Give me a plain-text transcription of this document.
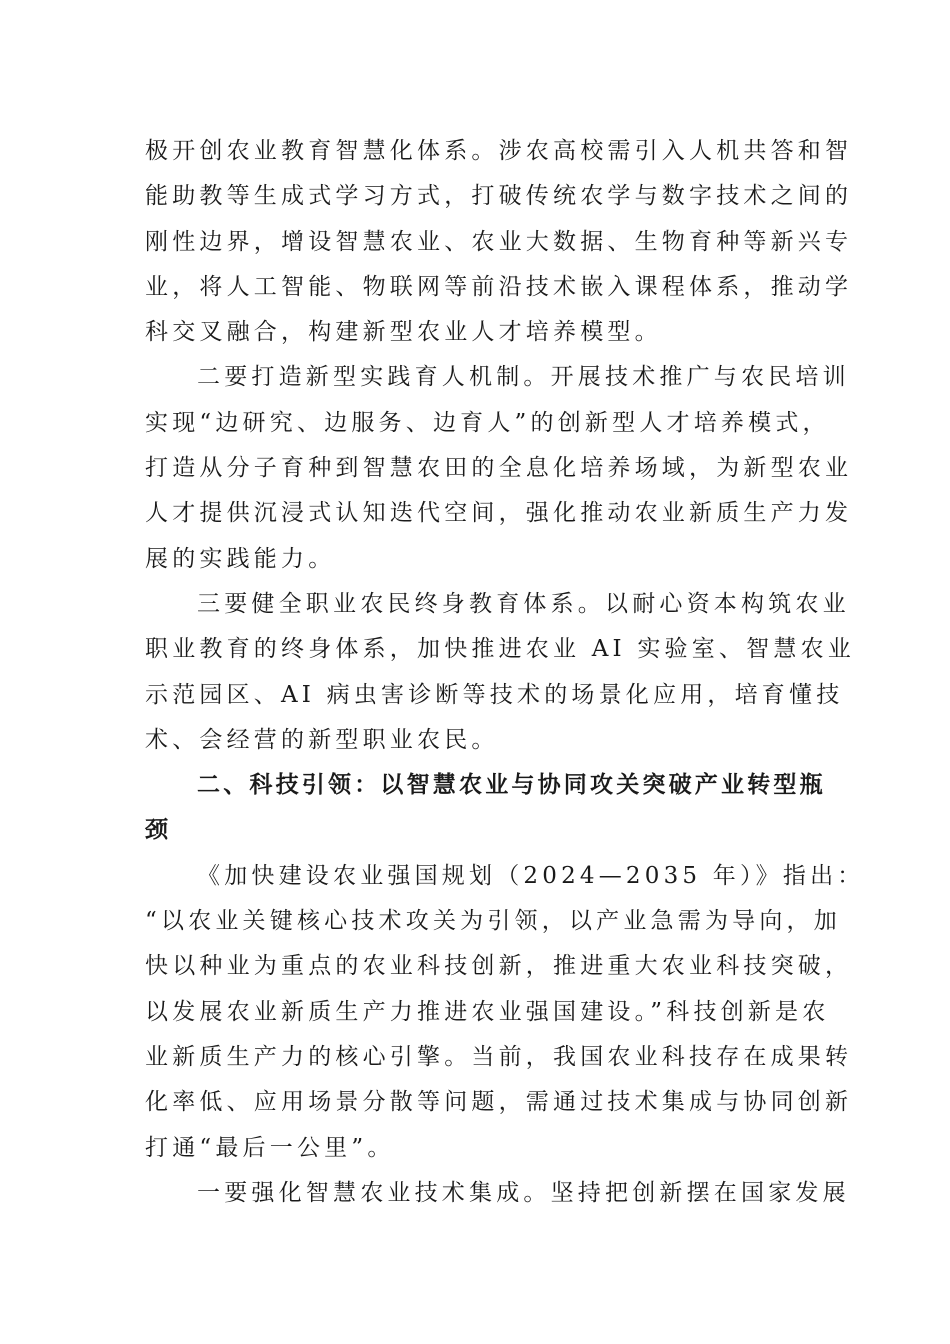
极开创农业教育智慧化体系。涉农高校需引入人机共答和智
能助教等生成式学习方式，打破传统农学与数字技术之间的
刚性边界，增设智慧农业、农业大数据、生物育种等新兴专
业，将人工智能、物联网等前沿技术嵌入课程体系，推动学
科交叉融合，构建新型农业人才培养模型。
二要打造新型实践育人机制。开展技术推广与农民培训
实现“边研究、边服务、边育人”的创新型人才培养模式，
打造从分子育种到智慧农田的全息化培养场域，为新型农业
人才提供沉浸式认知迭代空间，强化推动农业新质生产力发
展的实践能力。
三要健全职业农民终身教育体系。以耐心资本构筑农业
职业教育的终身体系，加快推进农业 AI 实验室、智慧农业
示范园区、AI 病虫害诊断等技术的场景化应用，培育懂技
术、会经营的新型职业农民。
二、科技引领：以智慧农业与协同攻关突破产业转型瓶
颈
《加快建设农业强国规划（2024—2035 年）》指出：
“以农业关键核心技术攻关为引领，以产业急需为导向，加
快以种业为重点的农业科技创新，推进重大农业科技突破，
以发展农业新质生产力推进农业强国建设。”科技创新是农
业新质生产力的核心引擎。当前，我国农业科技存在成果转
化率低、应用场景分散等问题，需通过技术集成与协同创新
打通“最后一公里”。
一要强化智慧农业技术集成。坚持把创新摆在国家发展
